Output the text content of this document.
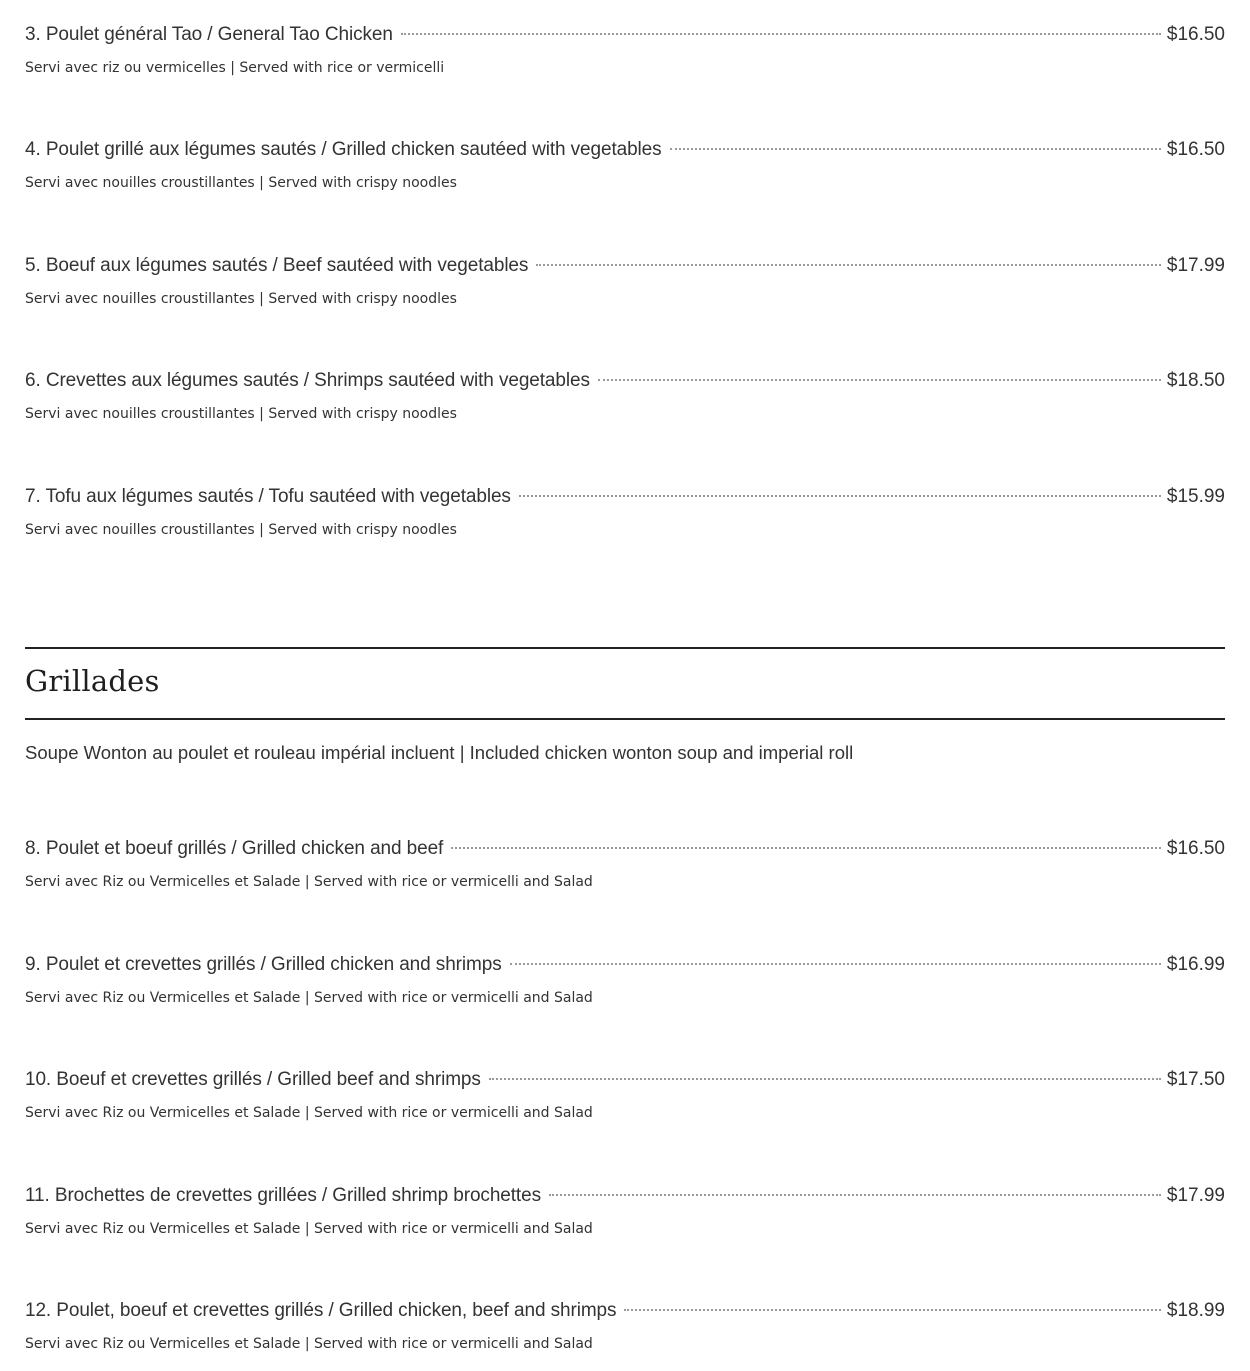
3. Poulet général Tao / General Tao Chicken	$16.50
Servi avec riz ou vermicelles | Served with rice or vermicelli
4. Poulet grillé aux légumes sautés / Grilled chicken sautéed with vegetables	$16.50
Servi avec nouilles croustillantes | Served with crispy noodles
5. Boeuf aux légumes sautés / Beef sautéed with vegetables	$17.99
Servi avec nouilles croustillantes | Served with crispy noodles
6. Crevettes aux légumes sautés / Shrimps sautéed with vegetables	$18.50
Servi avec nouilles croustillantes | Served with crispy noodles
7. Tofu aux légumes sautés / Tofu sautéed with vegetables	$15.99
Servi avec nouilles croustillantes | Served with crispy noodles
Grillades
Soupe Wonton au poulet et rouleau impérial incluent | Included chicken wonton soup and imperial roll
8. Poulet et boeuf grillés / Grilled chicken and beef	$16.50
Servi avec Riz ou Vermicelles et Salade | Served with rice or vermicelli and Salad
9. Poulet et crevettes grillés / Grilled chicken and shrimps	$16.99
Servi avec Riz ou Vermicelles et Salade | Served with rice or vermicelli and Salad
10. Boeuf et crevettes grillés / Grilled beef and shrimps	$17.50
Servi avec Riz ou Vermicelles et Salade | Served with rice or vermicelli and Salad
11. Brochettes de crevettes grillées / Grilled shrimp brochettes	$17.99
Servi avec Riz ou Vermicelles et Salade | Served with rice or vermicelli and Salad
12. Poulet, boeuf et crevettes grillés / Grilled chicken, beef and shrimps	$18.99
Servi avec Riz ou Vermicelles et Salade | Served with rice or vermicelli and Salad
